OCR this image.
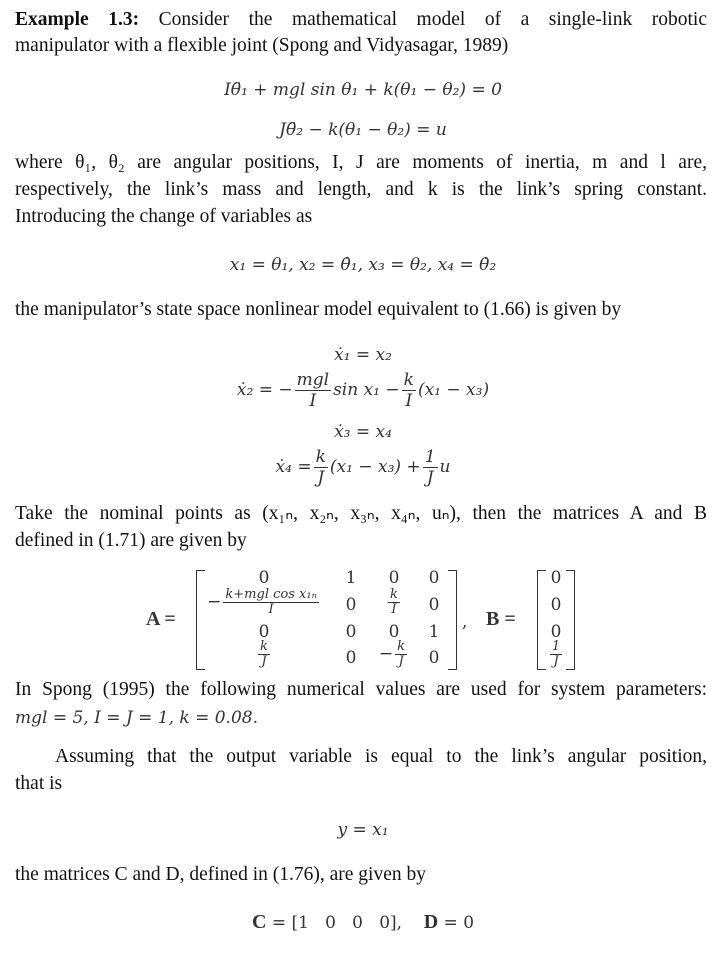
Example 1.3: Consider the mathematical model of a single-link robotic
manipulator with a flexible joint (Spong and Vidyasagar, 1989)
Iθ̈₁ + mgl sin θ₁ + k(θ₁ − θ₂) = 0
Jθ̈₂ − k(θ₁ − θ₂) = u
where θ₁, θ₂ are angular positions, I, J are moments of inertia, m and l are,
respectively, the link’s mass and length, and k is the link’s spring constant.
Introducing the change of variables as
x₁ = θ₁, x₂ = θ̇₁, x₃ = θ₂, x₄ = θ̇₂
the manipulator’s state space nonlinear model equivalent to (1.66) is given by
ẋ₁ = x₂
ẋ₂ = − $\frac{\text{mgl}}{I}$ $\sin x_1 - \frac{k}{I} (x_1 - x_3)$
ẋ₃ = x₄
ẋ₄ = $\frac{k}{J} (x_1 - x_3) + \frac{1}{J}$ u
Take the nominal points as (x₁ₙ, x₂ₙ, x₃ₙ, x₄ₙ, uₙ), then the matrices A and B
defined in (1.71) are given by
A =
0	1	0	0
− $\frac{\text{k+mgl cos x₁ₙ}}{I}$	0	$\frac{k}{I}$	0
0	0	0	1
$\frac{k}{J}$	0	− $\frac{k}{J}$	0
, B =
0
0
0
$\frac{1}{J}$
In Spong (1995) the following numerical values are used for system parameters:
mgl = 5, I = J = 1, k = 0.08.
Assuming that the output variable is equal to the link’s angular position,
that is
y = x₁
the matrices C and D, defined in (1.76), are given by
C = [1   0   0   0], D = 0
